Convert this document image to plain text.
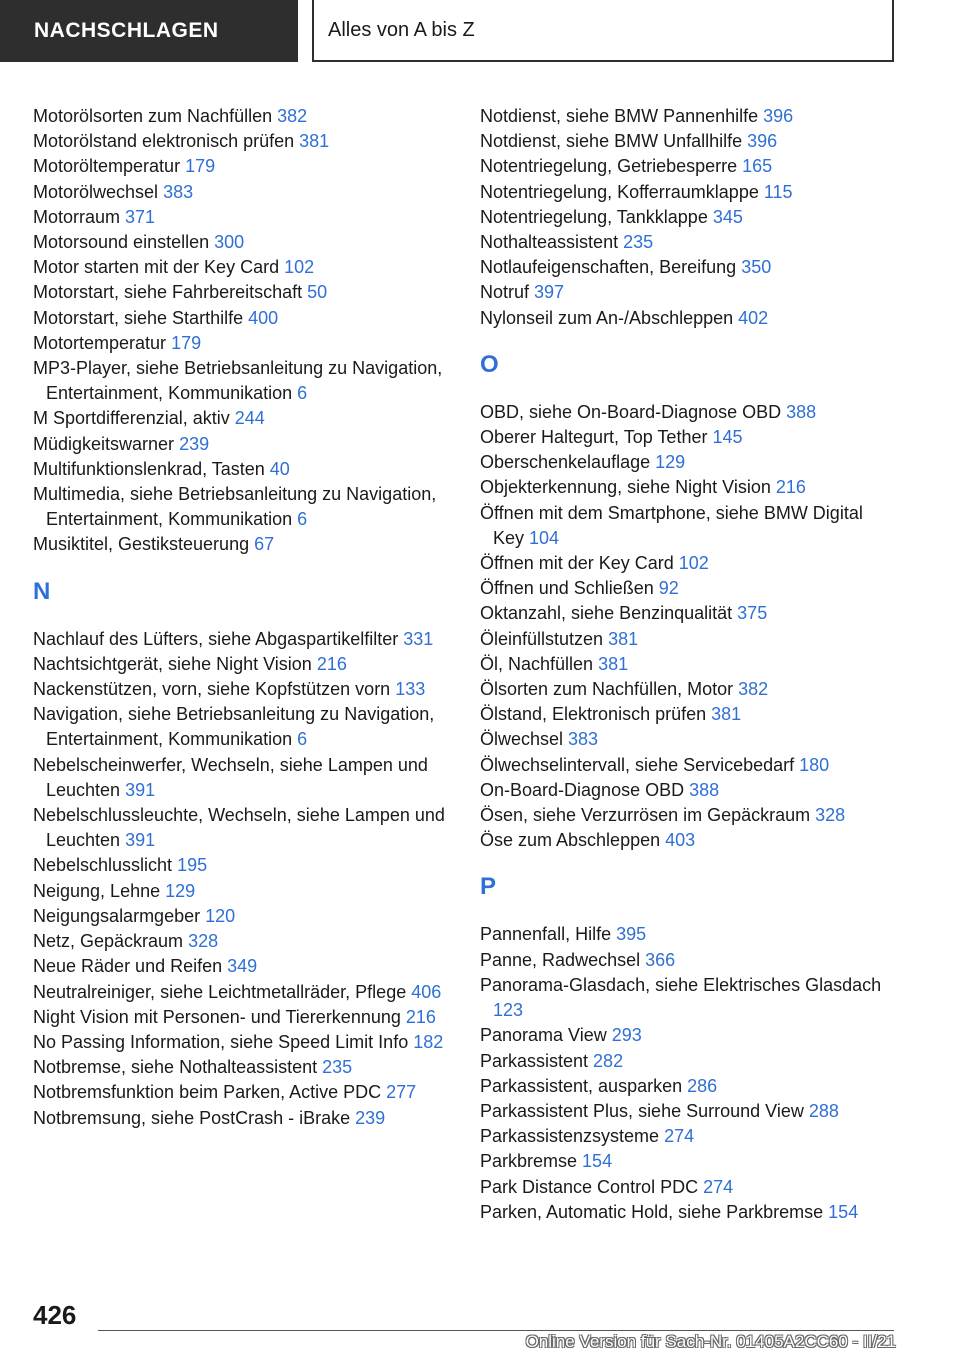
NACHSCHLAGEN	Alles von A bis Z
Motorölsorten zum Nachfüllen 382
Motorölstand elektronisch prüfen 381
Motoröltemperatur 179
Motorölwechsel 383
Motorraum 371
Motorsound einstellen 300
Motor starten mit der Key Card 102
Motorstart, siehe Fahrbereitschaft 50
Motorstart, siehe Starthilfe 400
Motortemperatur 179
MP3-Player, siehe Betriebsanleitung zu Navigation, Entertainment, Kommunikation 6
M Sportdifferenzial, aktiv 244
Müdigkeitswarner 239
Multifunktionslenkrad, Tasten 40
Multimedia, siehe Betriebsanleitung zu Navigation, Entertainment, Kommunikation 6
Musiktitel, Gestiksteuerung 67
N
Nachlauf des Lüfters, siehe Abgaspartikelfilter 331
Nachtsichtgerät, siehe Night Vision 216
Nackenstützen, vorn, siehe Kopfstützen vorn 133
Navigation, siehe Betriebsanleitung zu Navigation, Entertainment, Kommunikation 6
Nebelscheinwerfer, Wechseln, siehe Lampen und Leuchten 391
Nebelschlussleuchte, Wechseln, siehe Lampen und Leuchten 391
Nebelschlusslicht 195
Neigung, Lehne 129
Neigungsalarmgeber 120
Netz, Gepäckraum 328
Neue Räder und Reifen 349
Neutralreiniger, siehe Leichtmetallräder, Pflege 406
Night Vision mit Personen- und Tiererkennung 216
No Passing Information, siehe Speed Limit Info 182
Notbremse, siehe Nothalteassistent 235
Notbremsfunktion beim Parken, Active PDC 277
Notbremsung, siehe PostCrash - iBrake 239
Notdienst, siehe BMW Pannenhilfe 396
Notdienst, siehe BMW Unfallhilfe 396
Notentriegelung, Getriebesperre 165
Notentriegelung, Kofferraumklappe 115
Notentriegelung, Tankklappe 345
Nothalteassistent 235
Notlaufeigenschaften, Bereifung 350
Notruf 397
Nylonseil zum An-/Abschleppen 402
O
OBD, siehe On-Board-Diagnose OBD 388
Oberer Haltegurt, Top Tether 145
Oberschenkelauflage 129
Objekterkennung, siehe Night Vision 216
Öffnen mit dem Smartphone, siehe BMW Digital Key 104
Öffnen mit der Key Card 102
Öffnen und Schließen 92
Oktanzahl, siehe Benzinqualität 375
Öleinfüllstutzen 381
Öl, Nachfüllen 381
Ölsorten zum Nachfüllen, Motor 382
Ölstand, Elektronisch prüfen 381
Ölwechsel 383
Ölwechselintervall, siehe Servicebedarf 180
On-Board-Diagnose OBD 388
Ösen, siehe Verzurrösen im Gepäckraum 328
Öse zum Abschleppen 403
P
Pannenfall, Hilfe 395
Panne, Radwechsel 366
Panorama-Glasdach, siehe Elektrisches Glasdach 123
Panorama View 293
Parkassistent 282
Parkassistent, ausparken 286
Parkassistent Plus, siehe Surround View 288
Parkassistenzsysteme 274
Parkbremse 154
Park Distance Control PDC 274
Parken, Automatic Hold, siehe Parkbremse 154
426
Online Version für Sach-Nr. 01405A2CC60 - II/21
